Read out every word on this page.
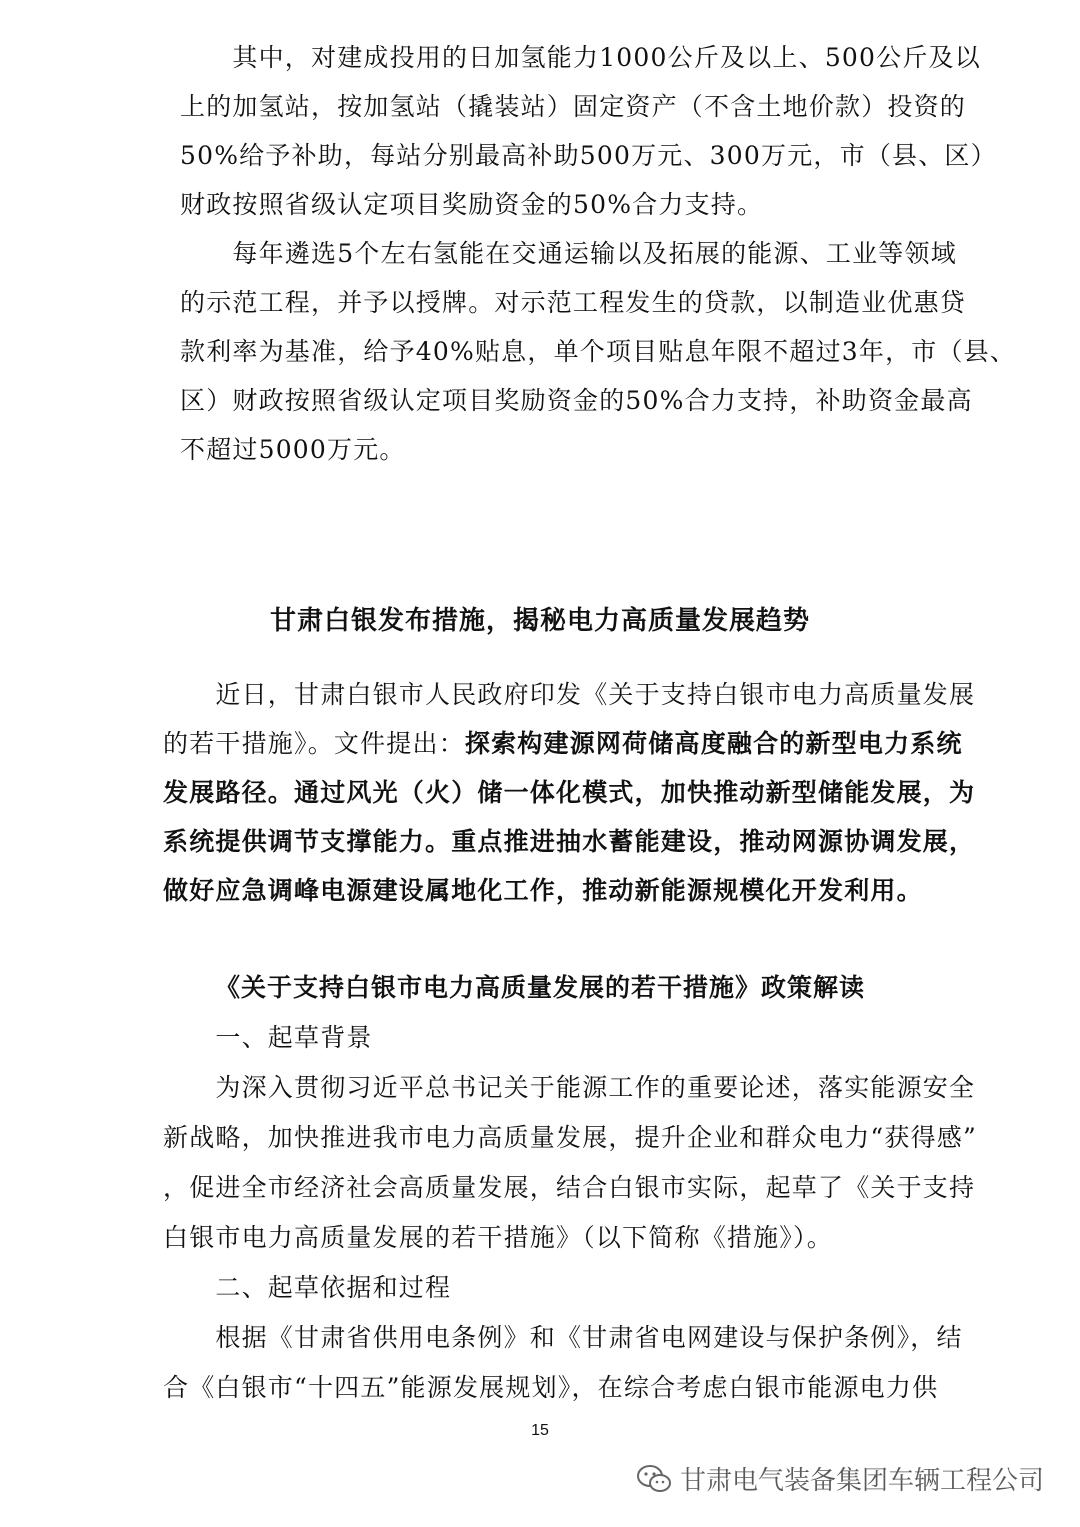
　　其中，对建成投用的日加氢能力1000公斤及以上、500公斤及以

上的加氢站，按加氢站（撬装站）固定资产（不含土地价款）投资的

50%给予补助，每站分别最高补助500万元、300万元，市（县、区）

财政按照省级认定项目奖励资金的50%合力支持。

　　每年遴选5个左右氢能在交通运输以及拓展的能源、工业等领域

的示范工程，并予以授牌。对示范工程发生的贷款，以制造业优惠贷

款利率为基准，给予40%贴息，单个项目贴息年限不超过3年，市（县、

区）财政按照省级认定项目奖励资金的50%合力支持，补助资金最高

不超过5000万元。

甘肃白银发布措施，揭秘电力高质量发展趋势

　　近日，甘肃白银市人民政府印发《关于支持白银市电力高质量发展

的若干措施》。文件提出：探索构建源网荷储高度融合的新型电力系统

发展路径。通过风光（火）储一体化模式，加快推动新型储能发展，为

系统提供调节支撑能力。重点推进抽水蓄能建设，推动网源协调发展，

做好应急调峰电源建设属地化工作，推动新能源规模化开发利用。

《关于支持白银市电力高质量发展的若干措施》政策解读

　　一、起草背景

　　为深入贯彻习近平总书记关于能源工作的重要论述，落实能源安全

新战略，加快推进我市电力高质量发展，提升企业和群众电力“获得感”

，促进全市经济社会高质量发展，结合白银市实际，起草了《关于支持

白银市电力高质量发展的若干措施》（以下简称《措施》）。

　　二、起草依据和过程

　　根据《甘肃省供用电条例》和《甘肃省电网建设与保护条例》，结

合《白银市“十四五”能源发展规划》，在综合考虑白银市能源电力供

15

甘肃电气装备集团车辆工程公司
